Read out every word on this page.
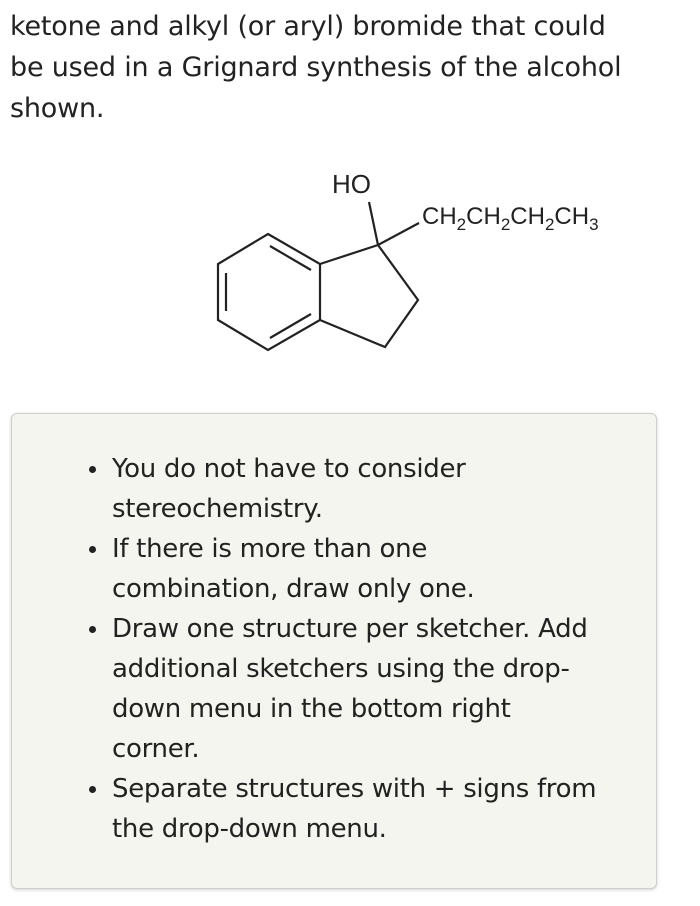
ketone and alkyl (or aryl) bromide that could
be used in a Grignard synthesis of the alcohol
shown.
HO
$CH_2CH_2CH_2CH_3$
You do not have to consider
stereochemistry.
If there is more than one
combination, draw only one.
Draw one structure per sketcher. Add
additional sketchers using the drop-
down menu in the bottom right
corner.
Separate structures with + signs from
the drop-down menu.
